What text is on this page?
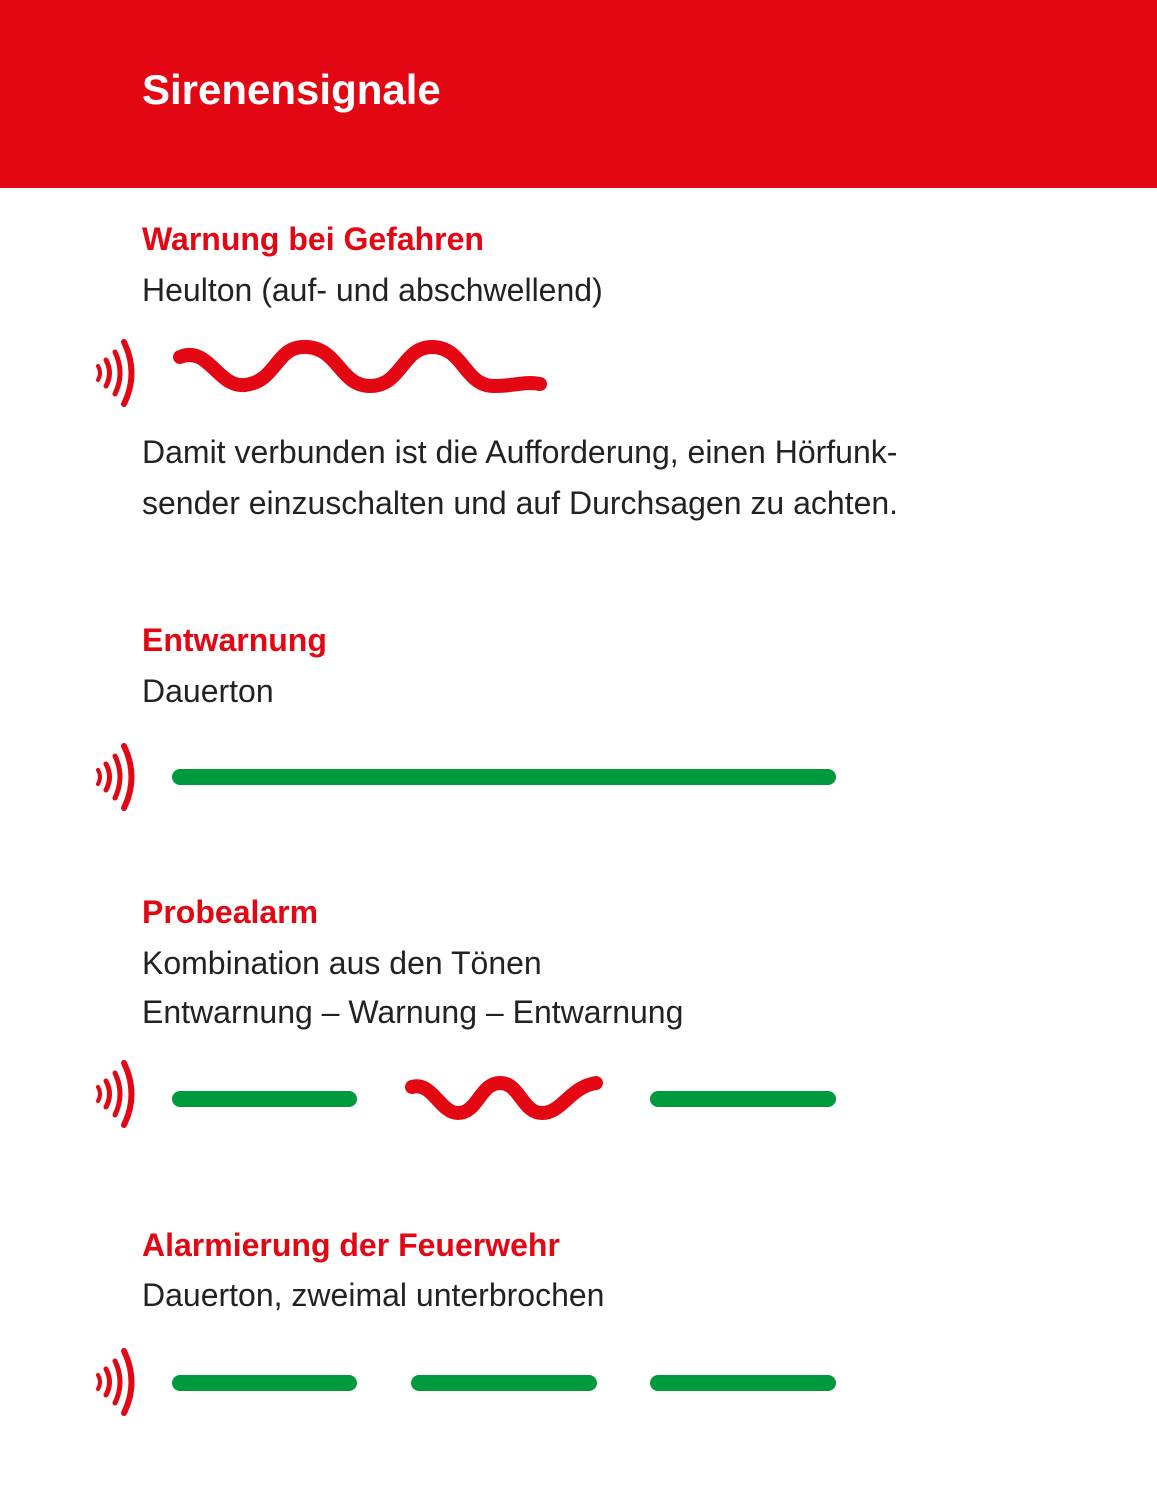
Sirenensignale
Warnung bei Gefahren
Heulton (auf- und abschwellend)
Damit verbunden ist die Aufforderung, einen Hörfunk-
sender einzuschalten und auf Durchsagen zu achten.
Entwarnung
Dauerton
Probealarm
Kombination aus den Tönen
Entwarnung – Warnung – Entwarnung
Alarmierung der Feuerwehr
Dauerton, zweimal unterbrochen
